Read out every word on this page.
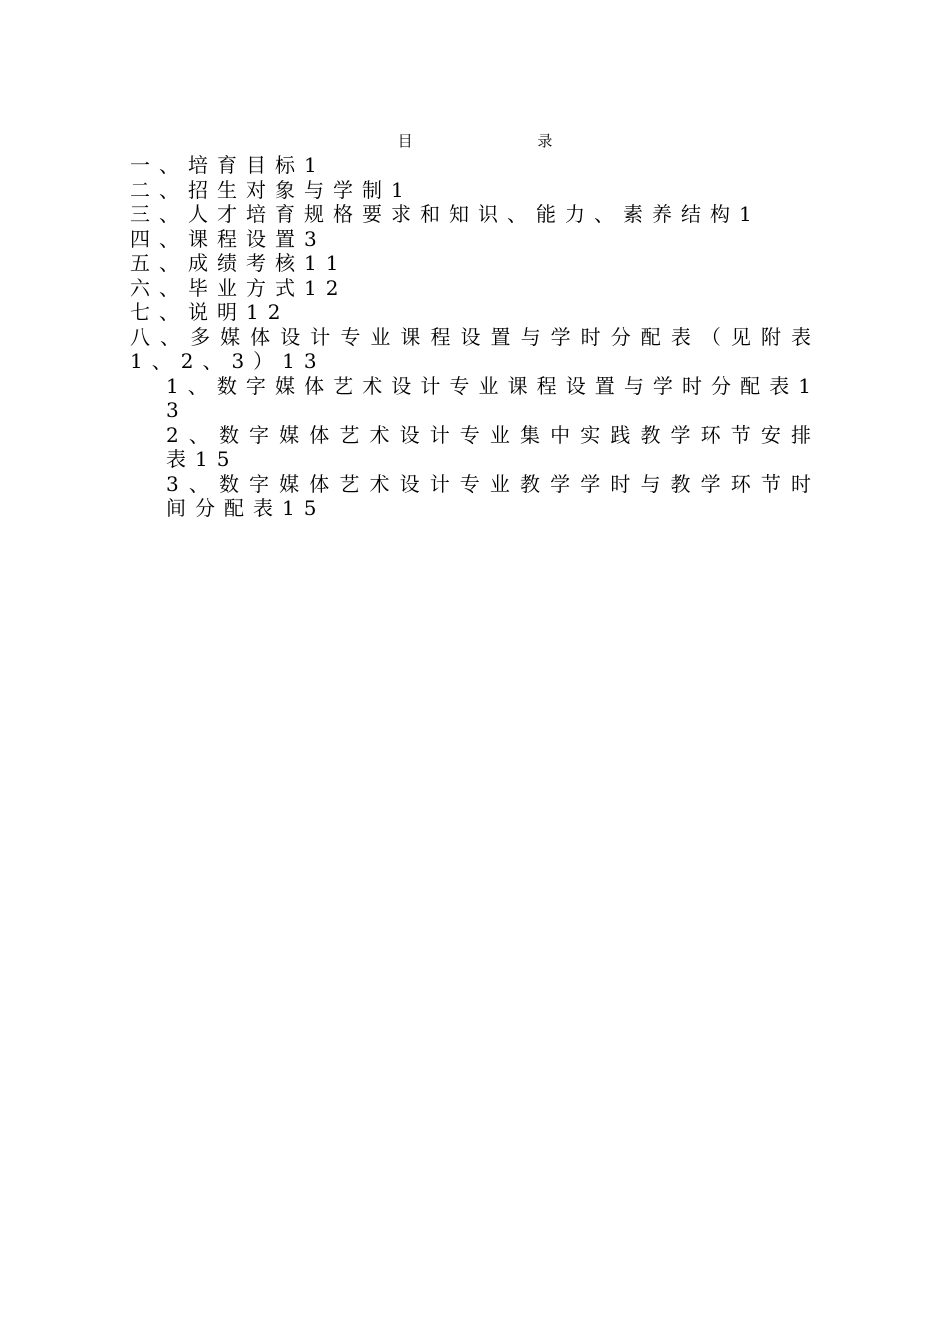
目 录

一、培育目标1

二、招生对象与学制1

三、人才培育规格要求和知识、能力、素养结构1

四、课程设置3

五、成绩考核11

六、毕业方式12

七、说明12

八、多媒体设计专业课程设置与学时分配表（见附表1、2、3）13

1、数字媒体艺术设计专业课程设置与学时分配表13

2、数字媒体艺术设计专业集中实践教学环节安排表15

3、数字媒体艺术设计专业教学学时与教学环节时间分配表15
